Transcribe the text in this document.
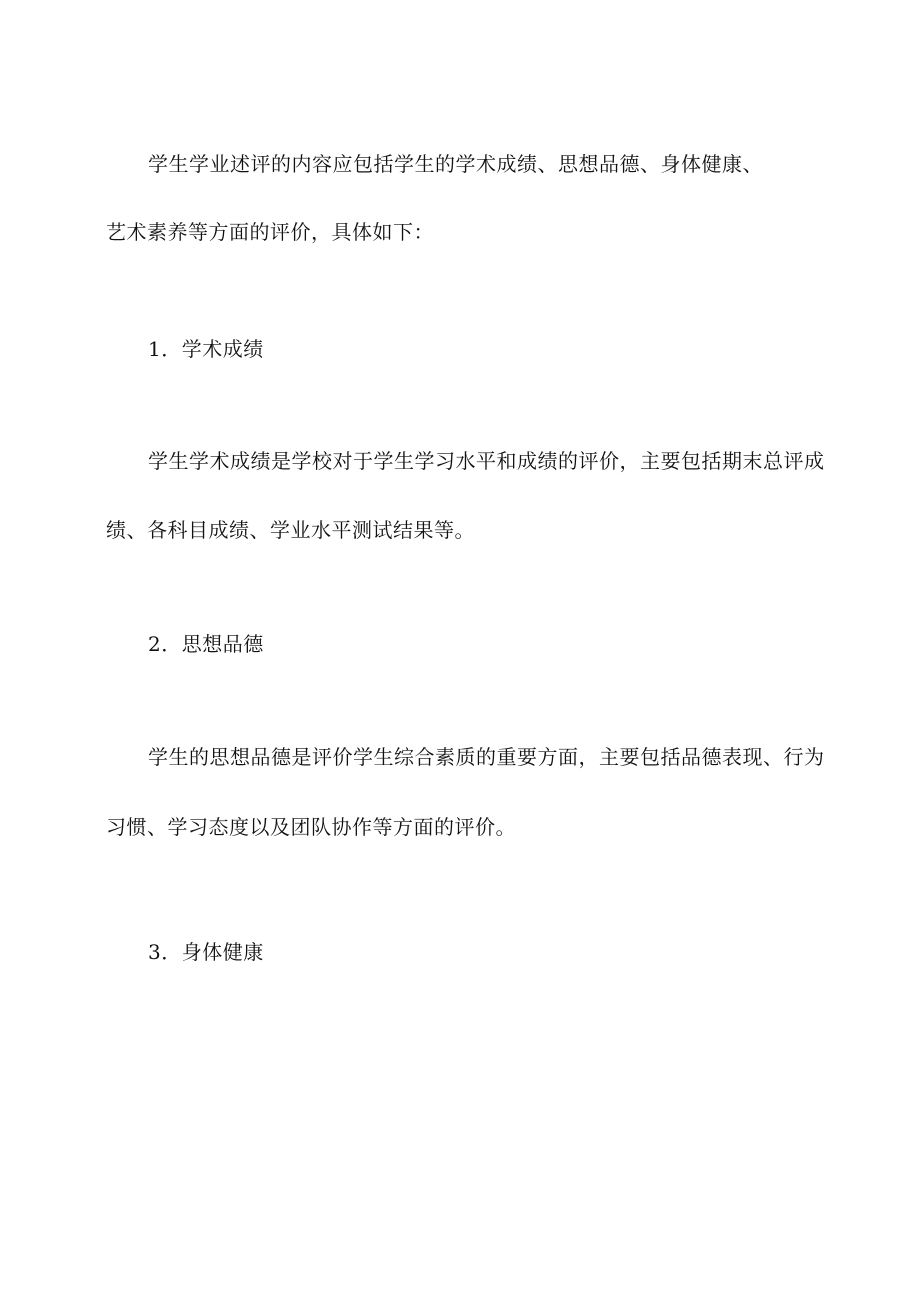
学生学业述评的内容应包括学生的学术成绩、思想品德、身体健康、
艺术素养等方面的评价，具体如下：
1．学术成绩
学生学术成绩是学校对于学生学习水平和成绩的评价，主要包括期末总评成
绩、各科目成绩、学业水平测试结果等。
2．思想品德
学生的思想品德是评价学生综合素质的重要方面，主要包括品德表现、行为
习惯、学习态度以及团队协作等方面的评价。
3．身体健康
